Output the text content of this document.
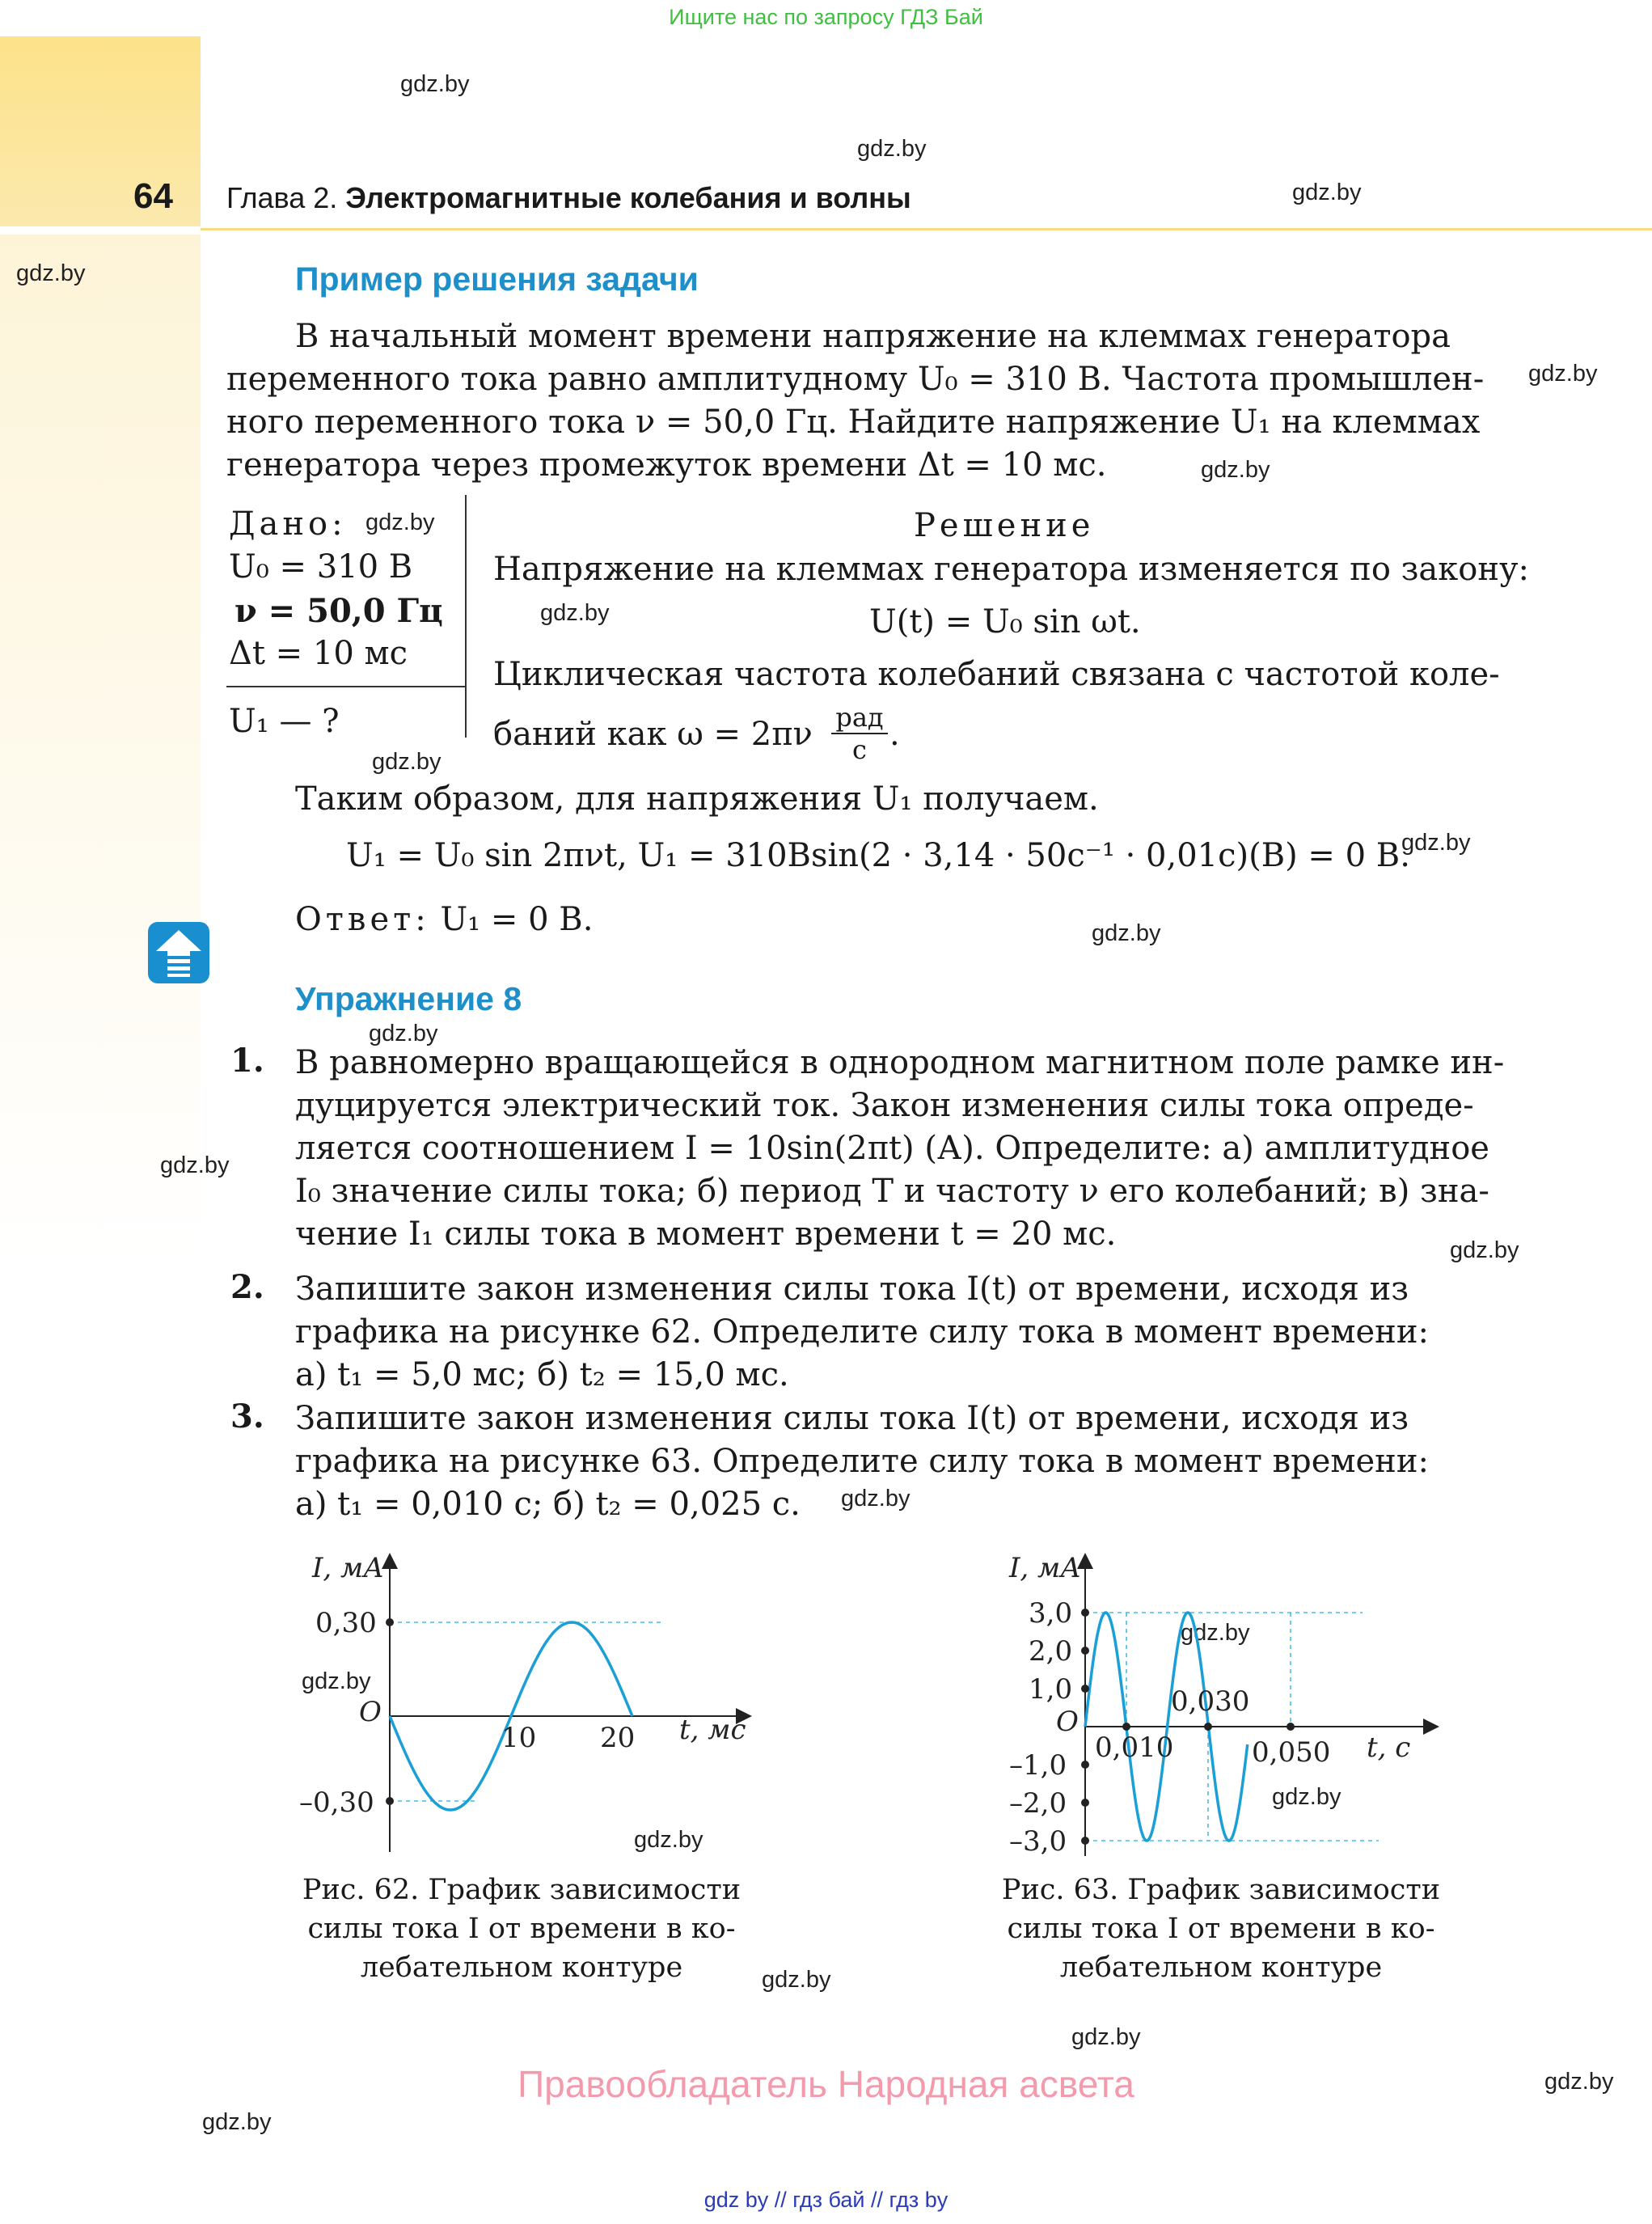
Ищите нас по запросу ГДЗ Бай
gdz.by
gdz.by
gdz.by
gdz.by
gdz.by
gdz.by
gdz.by
gdz.by
gdz.by
gdz.by
gdz.by
gdz.by
gdz.by
gdz.by
gdz.by
gdz.by
gdz.by
gdz.by
gdz.by
gdz.by
gdz.by
gdz.by
gdz.by
64 Глава 2. Электромагнитные колебания и волны
Пример решения задачи
В начальный момент времени напряжение на клеммах генератора
переменного тока равно амплитудному U₀ = 310 В. Частота промышлен-
ного переменного тока ν = 50,0 Гц. Найдите напряжение U₁ на клеммах
генератора через промежуток времени Δt = 10 мс.
Дано:
U₀ = 310 В
ν = 50,0 Гц
Δt = 10 мс
U₁ — ?
Решение
Напряжение на клеммах генератора изменяется по закону:
U(t) = U₀ sin ωt.
Циклическая частота колебаний связана с частотой коле-
баний как ω = 2πν рад
с .
Таким образом, для напряжения U₁ получаем.
U₁ = U₀ sin 2πνt, U₁ = 310Bsin(2 · 3,14 · 50c⁻¹ · 0,01c)(B) = 0 В.
Ответ: U₁ = 0 В.
Упражнение 8
1. В равномерно вращающейся в однородном магнитном поле рамке ин-
дуцируется электрический ток. Закон изменения силы тока опреде-
ляется соотношением I = 10sin(2πt) (А). Определите: а) амплитудное
I₀ значение силы тока; б) период T и частоту ν его колебаний; в) зна-
чение I₁ силы тока в момент времени t = 20 мс.
2. Запишите закон изменения силы тока I(t) от времени, исходя из
графика на рисунке 62. Определите силу тока в момент времени:
а) t₁ = 5,0 мс; б) t₂ = 15,0 мс.
3. Запишите закон изменения силы тока I(t) от времени, исходя из
графика на рисунке 63. Определите силу тока в момент времени:
а) t₁ = 0,010 с; б) t₂ = 0,025 с.
I, мА
0,30
–0,30
O
10 20 t, мс
Рис. 62. График зависимости
силы тока I от времени в ко-
лебательном контуре
I, мА
3,0
2,0
1,0
–1,0
–2,0
–3,0
O
0,010
0,030
0,050 t, с
Рис. 63. График зависимости
силы тока I от времени в ко-
лебательном контуре
Правообладатель Народная асвета
gdz by // гдз бай // гдз by
